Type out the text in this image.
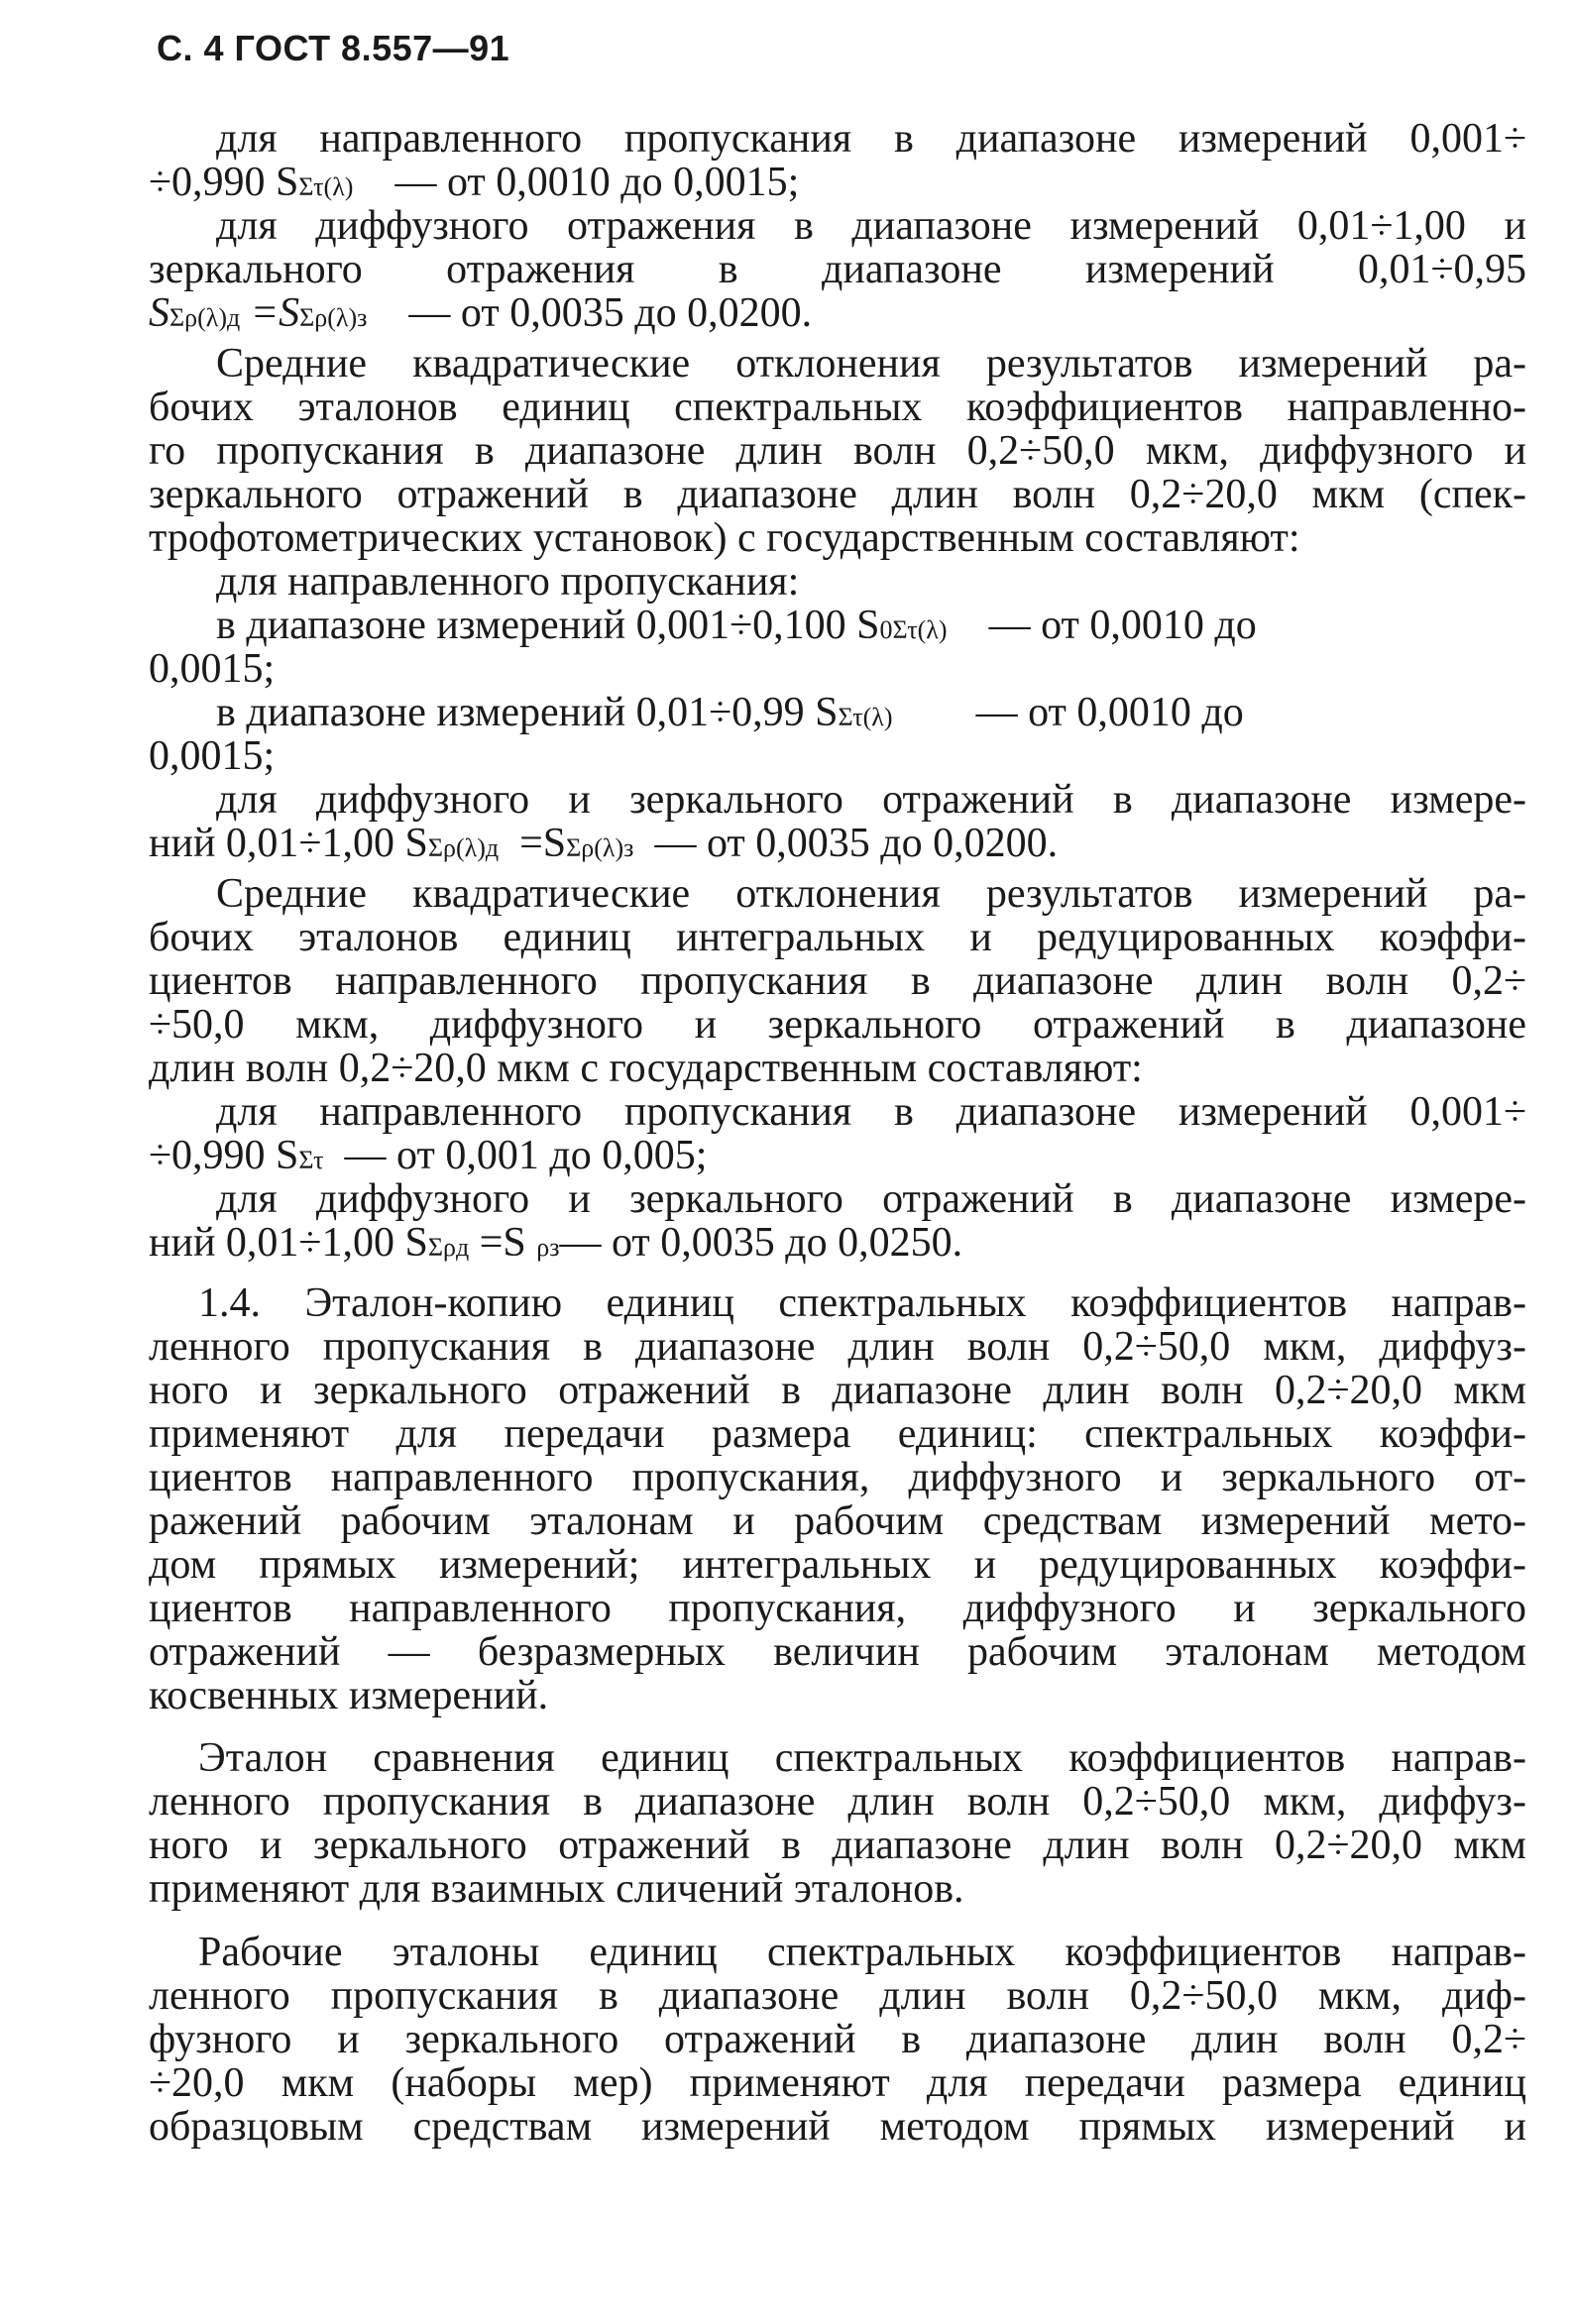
С. 4 ГОСТ 8.557—91
для направленного пропускания в диапазоне измерений 0,001÷
÷0,990 SΣτ(λ) — от 0,0010 до 0,0015;
для диффузного отражения в диапазоне измерений 0,01÷1,00 и
зеркального отражения в диапазоне измерений 0,01÷0,95
SΣρ(λ)д =SΣρ(λ)з — от 0,0035 до 0,0200.
Средние квадратические отклонения результатов измерений ра-
бочих эталонов единиц спектральных коэффициентов направленно-
го пропускания в диапазоне длин волн 0,2÷50,0 мкм, диффузного и
зеркального отражений в диапазоне длин волн 0,2÷20,0 мкм (спек-
трофотометрических установок) с государственным составляют:
для направленного пропускания:
в диапазоне измерений 0,001÷0,100 S0Στ(λ) — от 0,0010 до
0,0015;
в диапазоне измерений 0,01÷0,99 SΣτ(λ) — от 0,0010 до
0,0015;
для диффузного и зеркального отражений в диапазоне измере-
ний 0,01÷1,00 SΣρ(λ)д =SΣρ(λ)з — от 0,0035 до 0,0200.
Средние квадратические отклонения результатов измерений ра-
бочих эталонов единиц интегральных и редуцированных коэффи-
циентов направленного пропускания в диапазоне длин волн 0,2÷
÷50,0 мкм, диффузного и зеркального отражений в диапазоне
длин волн 0,2÷20,0 мкм с государственным составляют:
для направленного пропускания в диапазоне измерений 0,001÷
÷0,990 SΣτ — от 0,001 до 0,005;
для диффузного и зеркального отражений в диапазоне измере-
ний 0,01÷1,00 SΣρд =S ρз— от 0,0035 до 0,0250.
1.4. Эталон-копию единиц спектральных коэффициентов направ-
ленного пропускания в диапазоне длин волн 0,2÷50,0 мкм, диффуз-
ного и зеркального отражений в диапазоне длин волн 0,2÷20,0 мкм
применяют для передачи размера единиц: спектральных коэффи-
циентов направленного пропускания, диффузного и зеркального от-
ражений рабочим эталонам и рабочим средствам измерений мето-
дом прямых измерений; интегральных и редуцированных коэффи-
циентов направленного пропускания, диффузного и зеркального
отражений — безразмерных величин рабочим эталонам методом
косвенных измерений.
Эталон сравнения единиц спектральных коэффициентов направ-
ленного пропускания в диапазоне длин волн 0,2÷50,0 мкм, диффуз-
ного и зеркального отражений в диапазоне длин волн 0,2÷20,0 мкм
применяют для взаимных сличений эталонов.
Рабочие эталоны единиц спектральных коэффициентов направ-
ленного пропускания в диапазоне длин волн 0,2÷50,0 мкм, диф-
фузного и зеркального отражений в диапазоне длин волн 0,2÷
÷20,0 мкм (наборы мер) применяют для передачи размера единиц
образцовым средствам измерений методом прямых измерений и
